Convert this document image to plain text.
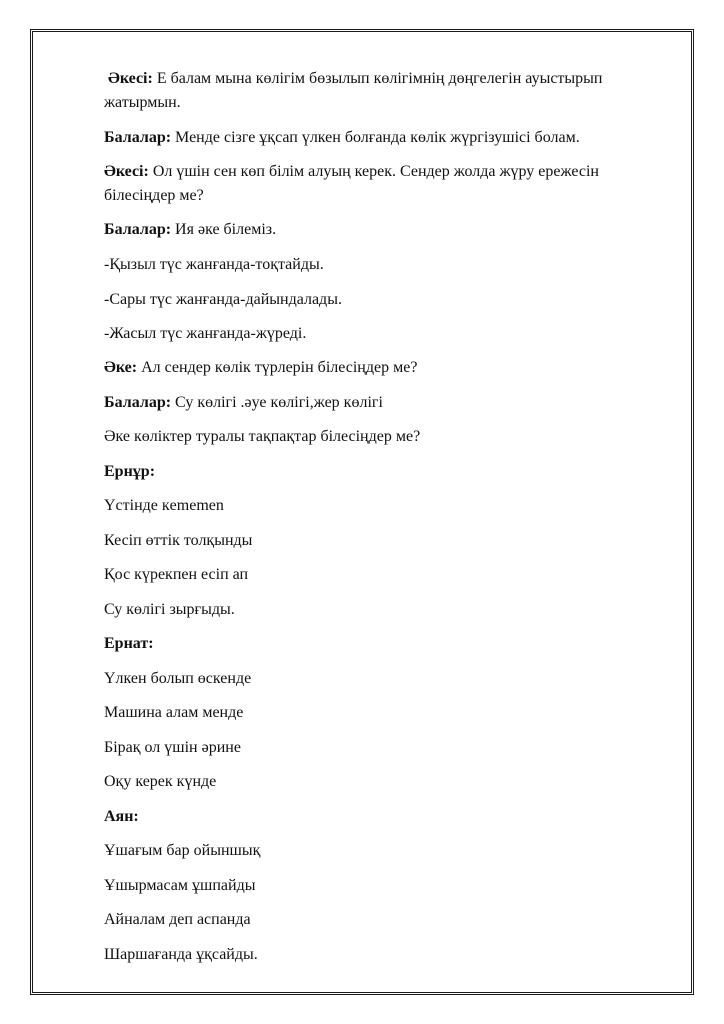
Әкесі: Е балам мына көлігім бөзылып көлігімнің дөңгелегін ауыстырып

жатырмын.

Балалар: Менде сізге ұқсап үлкен болғанда көлік жүргізушісі болам.

Әкесі: Ол үшін сен көп білім алуың керек. Сендер жолда жүру ережесін

білесіңдер ме?

Балалар: Ия әке білеміз.

-Қызыл түс жанғанда-тоқтайды.

-Сары түс жанғанда-дайындалады.

-Жасыл түс жанғанда-жүреді.

Әке: Ал сендер көлік түрлерін білесіңдер ме?

Балалар: Су көлігі .әуе көлігі,жер көлігі

Әке көліктер туралы тақпақтар білесіңдер ме?

Ернұр:

Үстінде кememen

Кесіп өттік толқынды

Қос күрекпен есіп ап

Су көлігі зырғыды.

Ернат:

Үлкен болып өскенде

Машина алам менде

Бірақ ол үшін әрине

Оқу керек күнде

Аян:

Ұшағым бар ойыншық

Ұшырмасам ұшпайды

Айналам деп аспанда

Шаршағанда ұқсайды.
